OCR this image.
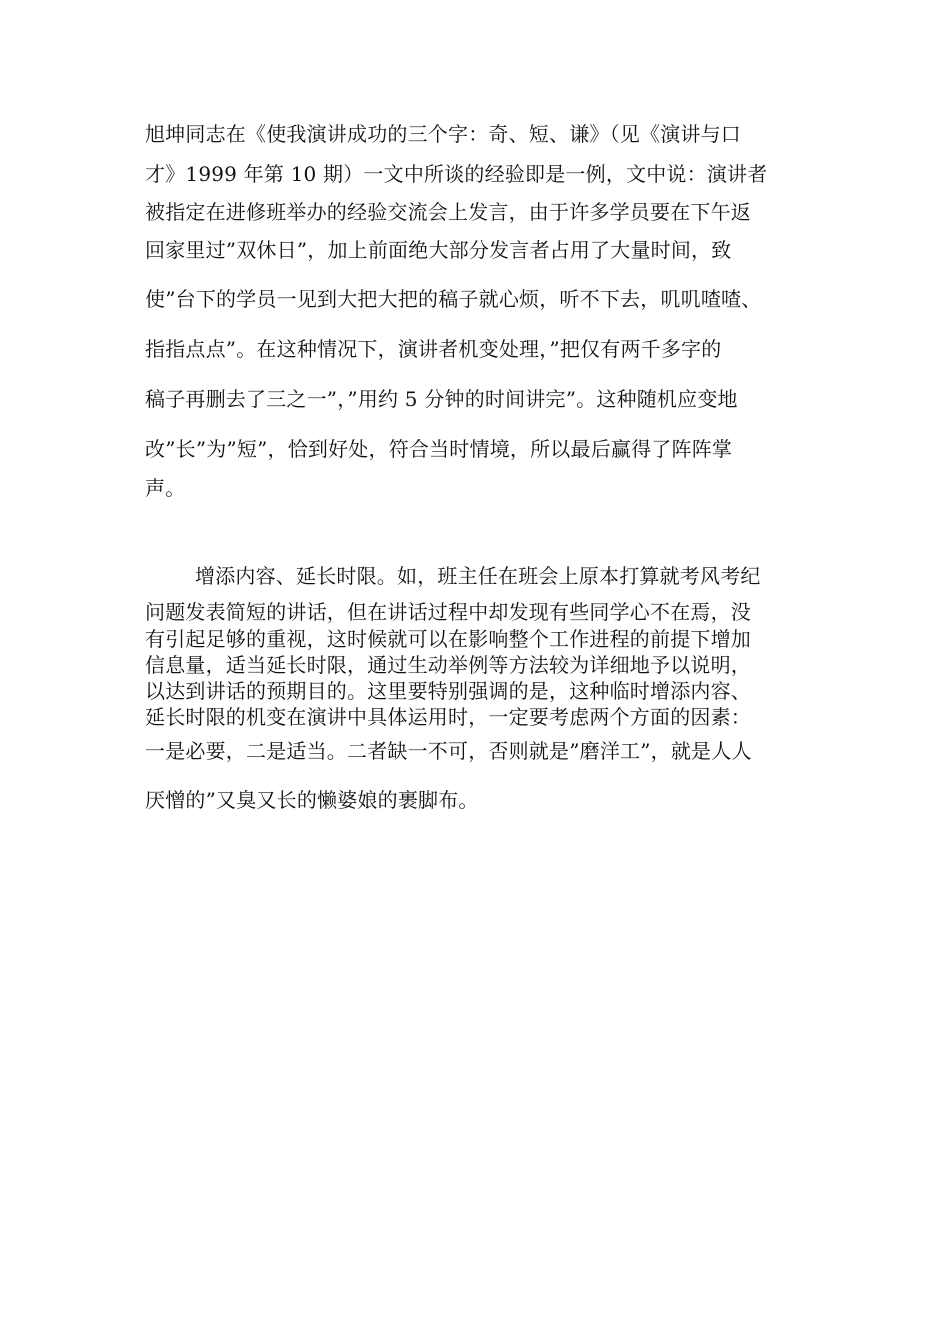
旭坤同志在《使我演讲成功的三个字：奇、短、谦》（见《演讲与口
才》1999 年第 10 期）一文中所谈的经验即是一例，文中说：演讲者
被指定在进修班举办的经验交流会上发言，由于许多学员要在下午返
回家里过”双休日”，加上前面绝大部分发言者占用了大量时间，致
使”台下的学员一见到大把大把的稿子就心烦，听不下去，叽叽喳喳、
指指点点”。在这种情况下，演讲者机变处理，”把仅有两千多字的
稿子再删去了三之一”，”用约 5 分钟的时间讲完”。这种随机应变地
改”长”为”短”，恰到好处，符合当时情境，所以最后赢得了阵阵掌
声。
增添内容、延长时限。如，班主任在班会上原本打算就考风考纪
问题发表简短的讲话，但在讲话过程中却发现有些同学心不在焉，没
有引起足够的重视，这时候就可以在影响整个工作进程的前提下增加
信息量，适当延长时限，通过生动举例等方法较为详细地予以说明，
以达到讲话的预期目的。这里要特别强调的是，这种临时增添内容、
延长时限的机变在演讲中具体运用时，一定要考虑两个方面的因素：
一是必要，二是适当。二者缺一不可，否则就是”磨洋工”，就是人人
厌憎的”又臭又长的懒婆娘的裹脚布。
